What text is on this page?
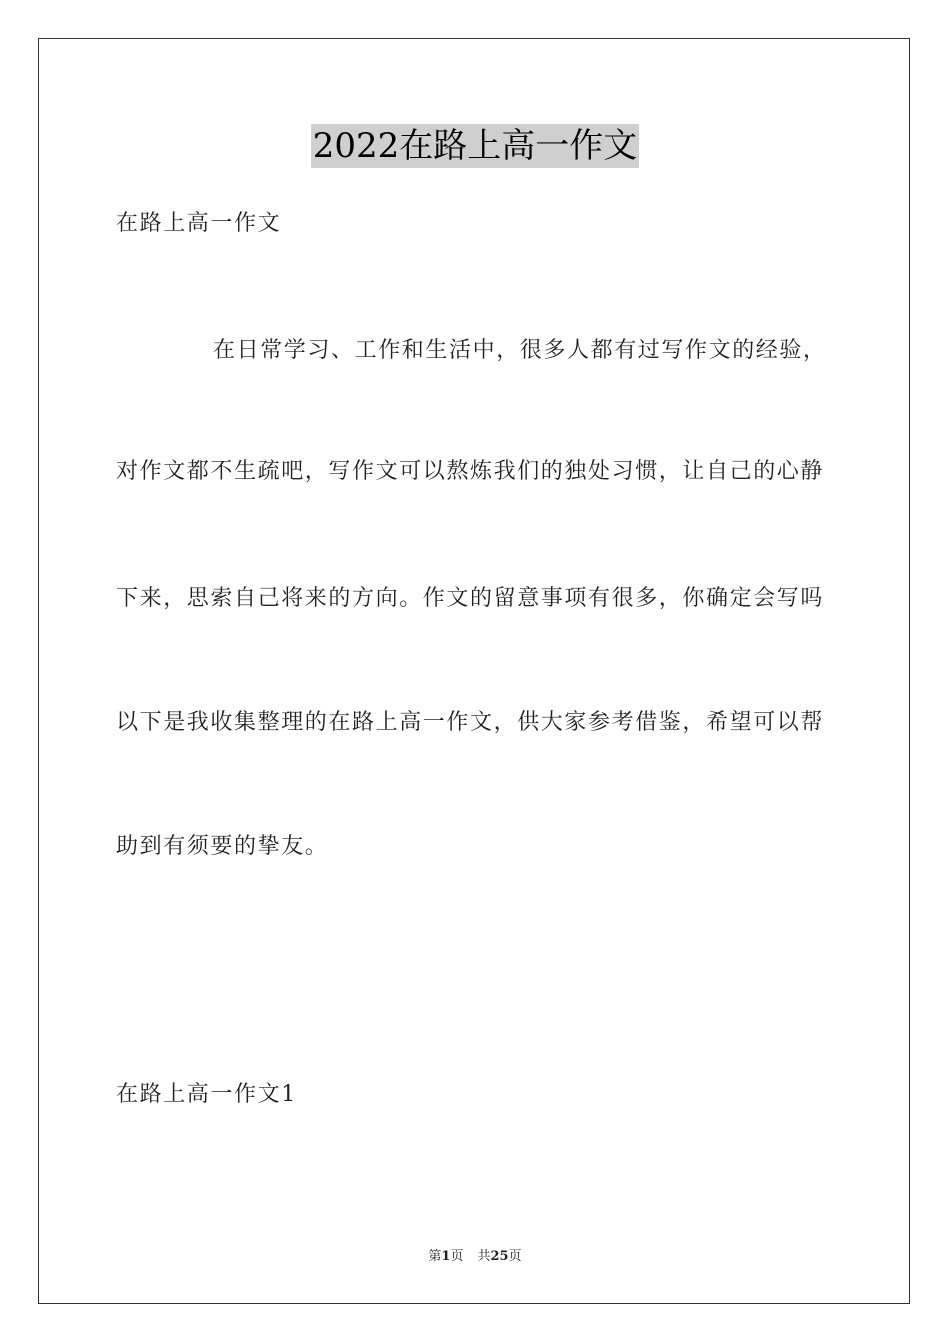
2022在路上高一作文
在路上高一作文
在日常学习、工作和生活中，很多人都有过写作文的经验，
对作文都不生疏吧，写作文可以熬炼我们的独处习惯，让自己的心静
下来，思索自己将来的方向。作文的留意事项有很多，你确定会写吗
以下是我收集整理的在路上高一作文，供大家参考借鉴，希望可以帮
助到有须要的挚友。
在路上高一作文1
第1页 共25页
